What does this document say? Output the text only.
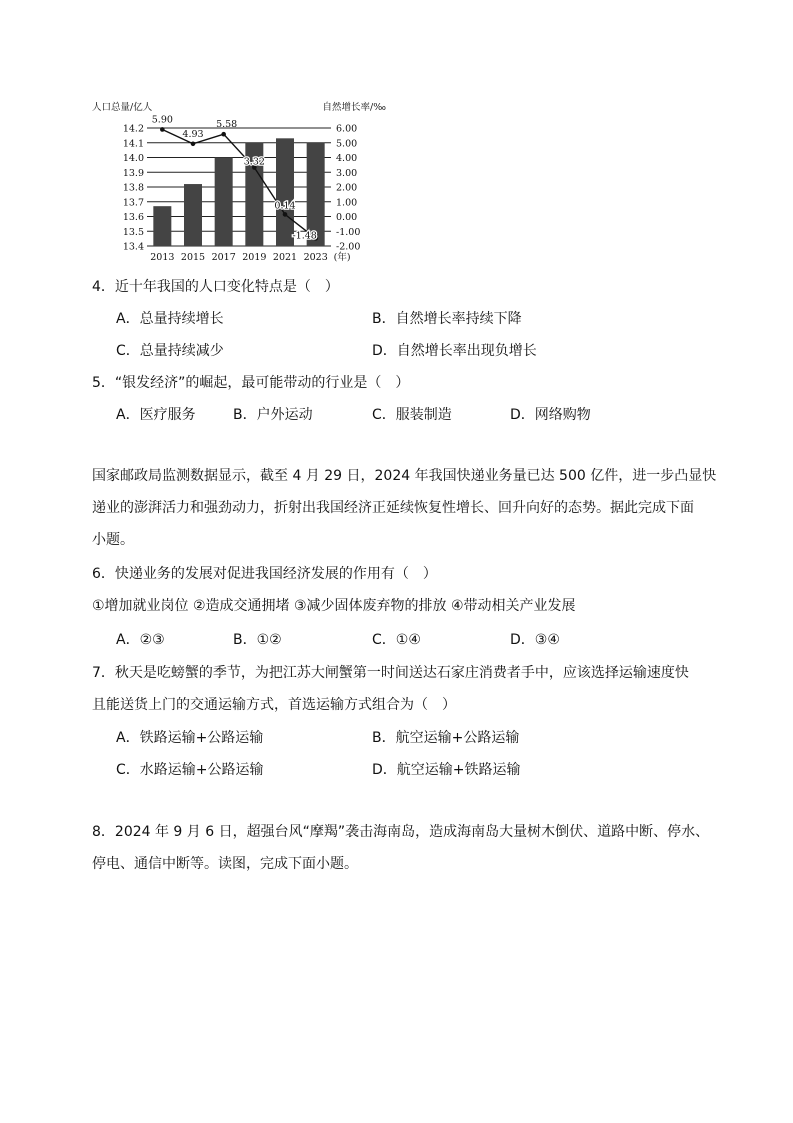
人口总量/亿人	自然增长率/‰
14.2
14.1
14.0
13.9
13.8
13.7
13.6
13.5
13.4
6.00
5.00
4.00
3.00
2.00
1.00
0.00
-1.00
-2.00
2013 2015 2017 2019 2021 2023 (年)
5.90
4.93
5.58
3.32
0.14
-1.48
4．近十年我国的人口变化特点是（　）
A．总量持续增长	B．自然增长率持续下降
C．总量持续减少	D．自然增长率出现负增长
5．“银发经济”的崛起，最可能带动的行业是（　）
A．医疗服务	B．户外运动	C．服装制造	D．网络购物
国家邮政局监测数据显示，截至 4 月 29 日，2024 年我国快递业务量已达 500 亿件，进一步凸显快
递业的澎湃活力和强劲动力，折射出我国经济正延续恢复性增长、回升向好的态势。据此完成下面
小题。
6．快递业务的发展对促进我国经济发展的作用有（　）
①增加就业岗位 ②造成交通拥堵 ③减少固体废弃物的排放 ④带动相关产业发展
A．②③	B．①②	C．①④	D．③④
7．秋天是吃螃蟹的季节，为把江苏大闸蟹第一时间送达石家庄消费者手中，应该选择运输速度快
且能送货上门的交通运输方式，首选运输方式组合为（　）
A．铁路运输+公路运输	B．航空运输+公路运输
C．水路运输+公路运输	D．航空运输+铁路运输
8．2024 年 9 月 6 日，超强台风“摩羯”袭击海南岛，造成海南岛大量树木倒伏、道路中断、停水、
停电、通信中断等。读图，完成下面小题。
